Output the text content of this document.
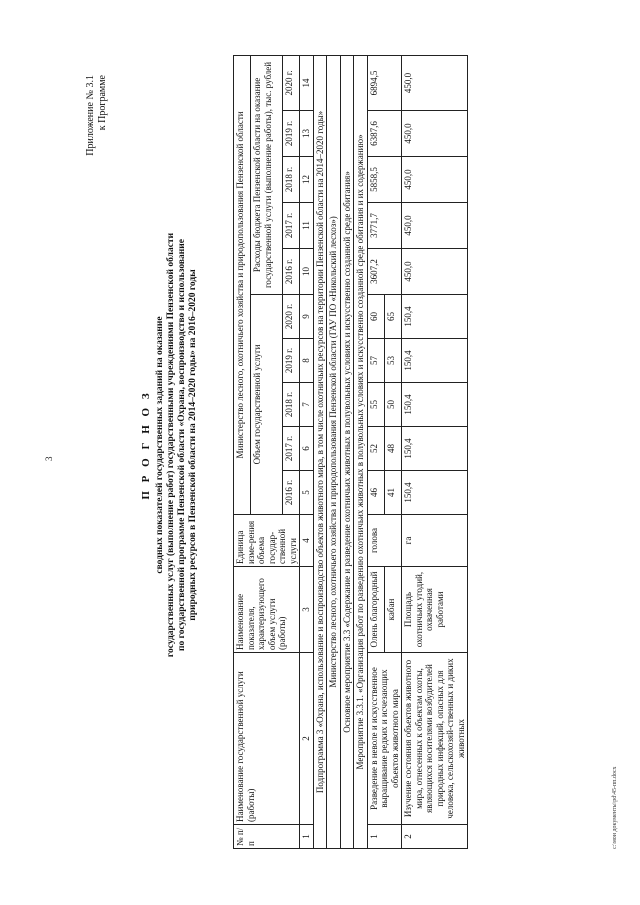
3
Приложение № 3.1 к Программе
П Р О Г Н О З сводных показателей государственных заданий на оказание государственных услуг (выполнение работ) государственными учреждениями Пензенской области по государственной программе Пензенской области «Охрана, воспроизводство и использование природных ресурсов в Пензенской области на 2014–2020 годы» на 2016–2020 годы
№ п/п	Наименование государственной услуги (работы)	Наименование показателя, характеризующего объем услуги (работы)	Единица изме-рения объема государ-ственной услуги	Министерство лесного, охотничьего хозяйства и природопользования Пензенской области									
				Объем государственной услуги					Расходы бюджета Пензенской области на оказание государственной услуги (выполнение работы), тыс. рублей				
				2016 г.	2017 г.	2018 г.	2019 г.	2020 г.	2016 г.	2017 г.	2018 г.	2019 г.	2020 г.
1	2	3	4	5	6	7	8	9	10	11	12	13	14
Подпрограмма 3 «Охрана, использование и воспроизводство объектов животного мира, в том числе охотничьих ресурсов на территории Пензенской области на 2014–2020 годы»													
Министерство лесного, охотничьего хозяйства и природопользования Пензенской области (ГАУ ПО «Никольский лесхоз»)													
Основное мероприятие 3.3 «Содержание и разведение охотничьих животных в полувольных условиях и искусственно созданной среде обитания»													
Мероприятие 3.3.1. «Организация работ по разведению охотничьих животных в полувольных условиях и искусственно созданной среде обитания и их содержанию»													
1	Разведение в неволе и искусственное выращивание редких и исчезающих объектов животного мира	Олень благородный	голова	46	52	55	57	60	3607,2	3771,7	5858,5	6387,6	6894,5
		кабан		41	48	50	53	65					
2	Изучение состояния объектов животного мира, отнесенных к объектам охоты, являющихся носителями возбудителей природных инфекций, опасных для человека, сельскохозяй-ственных и диких животных	Площадь охотничьих угодий, охваченная работами	га	150,4	150,4	150,4	150,4	150,4	450,0	450,0	450,0	450,0	450,0
c:\мои документы\pd\45-пп.docx
